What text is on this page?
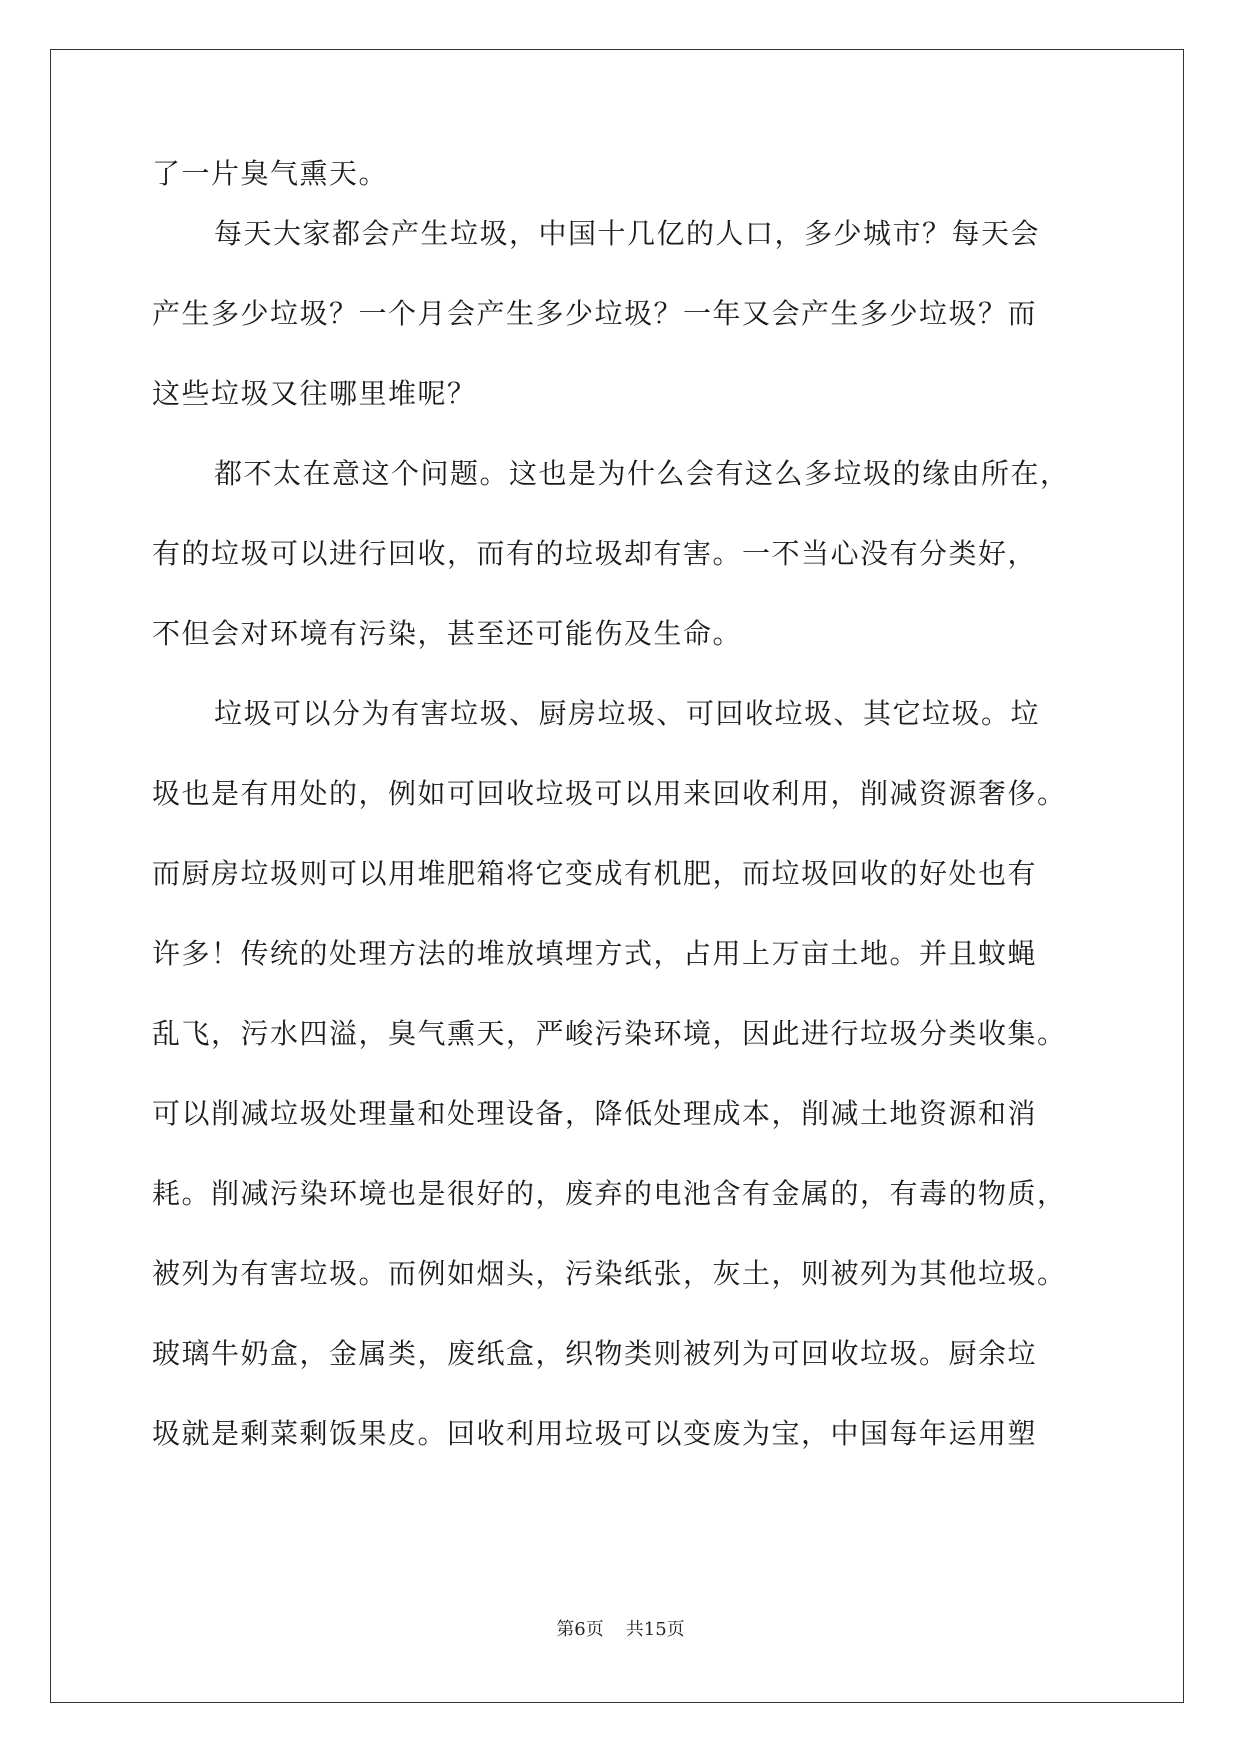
了一片臭气熏天。
每天大家都会产生垃圾，中国十几亿的人口，多少城市？每天会
产生多少垃圾？一个月会产生多少垃圾？一年又会产生多少垃圾？而
这些垃圾又往哪里堆呢？
都不太在意这个问题。这也是为什么会有这么多垃圾的缘由所在，
有的垃圾可以进行回收，而有的垃圾却有害。一不当心没有分类好，
不但会对环境有污染，甚至还可能伤及生命。
垃圾可以分为有害垃圾、厨房垃圾、可回收垃圾、其它垃圾。垃
圾也是有用处的，例如可回收垃圾可以用来回收利用，削减资源奢侈。
而厨房垃圾则可以用堆肥箱将它变成有机肥，而垃圾回收的好处也有
许多！传统的处理方法的堆放填埋方式，占用上万亩土地。并且蚊蝇
乱飞，污水四溢，臭气熏天，严峻污染环境，因此进行垃圾分类收集。
可以削减垃圾处理量和处理设备，降低处理成本，削减土地资源和消
耗。削减污染环境也是很好的，废弃的电池含有金属的，有毒的物质，
被列为有害垃圾。而例如烟头，污染纸张，灰土，则被列为其他垃圾。
玻璃牛奶盒，金属类，废纸盒，织物类则被列为可回收垃圾。厨余垃
圾就是剩菜剩饭果皮。回收利用垃圾可以变废为宝，中国每年运用塑
第6页 共15页
